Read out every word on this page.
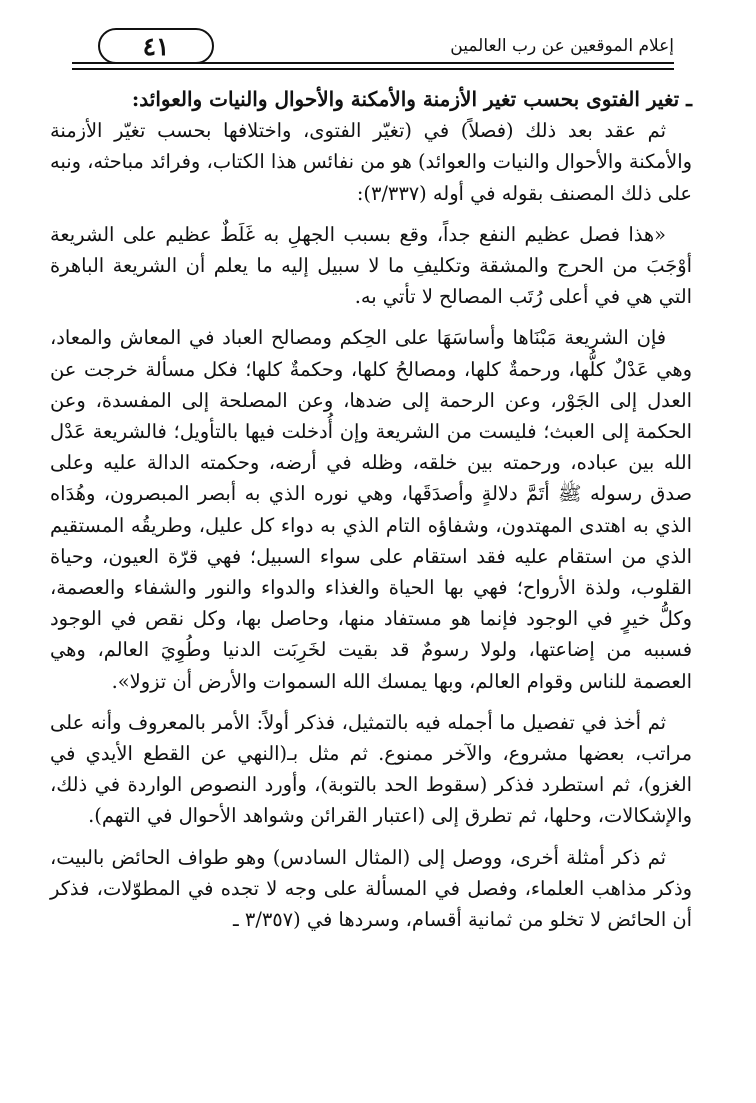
إعلام الموقعين عن رب العالمين
٤١

ـ تغير الفتوى بحسب تغير الأزمنة والأمكنة والأحوال والنيات والعوائد:

ثم عقد بعد ذلك (فصلاً) في (تغيّر الفتوى، واختلافها بحسب تغيّر الأزمنة والأمكنة والأحوال والنيات والعوائد) هو من نفائس هذا الكتاب، وفرائد مباحثه، ونبه على ذلك المصنف بقوله في أوله (٣/٣٣٧):

«هذا فصل عظيم النفع جداً، وقع بسبب الجهلِ به غَلَطٌ عظيم على الشريعة أوْجَبَ من الحرج والمشقة وتكليفِ ما لا سبيل إليه ما يعلم أن الشريعة الباهرة التي هي في أعلى رُتَب المصالح لا تأتي به.

فإن الشريعة مَبْنَاها وأساسَهَا على الحِكم ومصالح العباد في المعاش والمعاد، وهي عَدْلٌ كلُّها، ورحمةٌ كلها، ومصالحُ كلها، وحكمةٌ كلها؛ فكل مسألة خرجت عن العدل إلى الجَوْر، وعن الرحمة إلى ضدها، وعن المصلحة إلى المفسدة، وعن الحكمة إلى العبث؛ فليست من الشريعة وإن أُدخلت فيها بالتأويل؛ فالشريعة عَدْل الله بين عباده، ورحمته بين خلقه، وظله في أرضه، وحكمته الدالة عليه وعلى صدق رسوله ﷺ أتَمَّ دلالةٍ وأصدَقَها، وهي نوره الذي به أبصر المبصرون، وهُدَاه الذي به اهتدى المهتدون، وشفاؤه التام الذي به دواء كل عليل، وطريقُه المستقيم الذي من استقام عليه فقد استقام على سواء السبيل؛ فهي قرّة العيون، وحياة القلوب، ولذة الأرواح؛ فهي بها الحياة والغذاء والدواء والنور والشفاء والعصمة، وكلُّ خيرٍ في الوجود فإنما هو مستفاد منها، وحاصل بها، وكل نقص في الوجود فسببه من إضاعتها، ولولا رسومٌ قد بقيت لخَرِبَت الدنيا وطُوِيَ العالم، وهي العصمة للناس وقوام العالم، وبها يمسك الله السموات والأرض أن تزولا».

ثم أخذ في تفصيل ما أجمله فيه بالتمثيل، فذكر أولاً: الأمر بالمعروف وأنه على مراتب، بعضها مشروع، والآخر ممنوع. ثم مثل بـ(النهي عن القطع الأيدي في الغزو)، ثم استطرد فذكر (سقوط الحد بالتوبة)، وأورد النصوص الواردة في ذلك، والإشكالات، وحلها، ثم تطرق إلى (اعتبار القرائن وشواهد الأحوال في التهم).

ثم ذكر أمثلة أخرى، ووصل إلى (المثال السادس) وهو طواف الحائض بالبيت، وذكر مذاهب العلماء، وفصل في المسألة على وجه لا تجده في المطوّلات، فذكر أن الحائض لا تخلو من ثمانية أقسام، وسردها في (٣/٣٥٧ ـ
